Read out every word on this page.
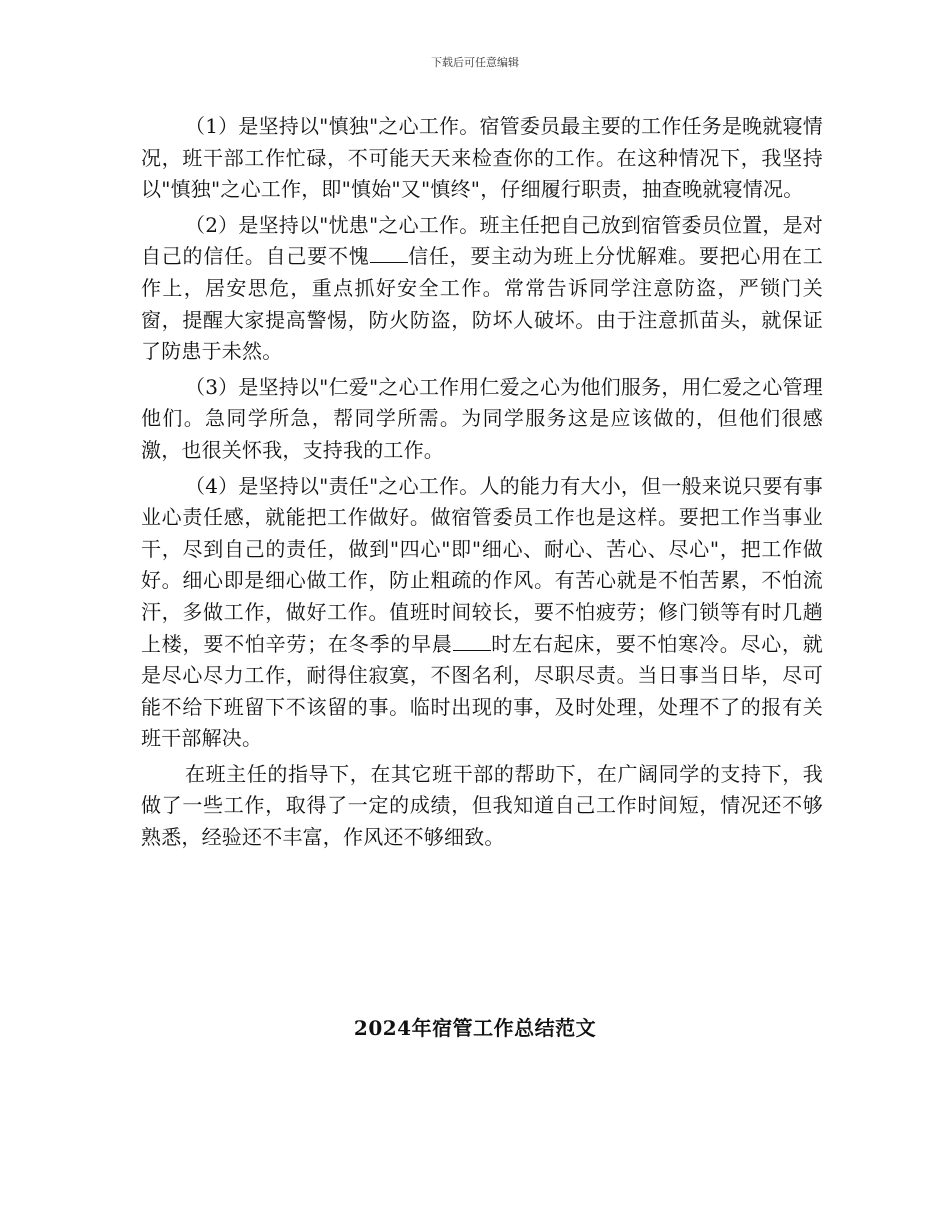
下载后可任意编辑

（1）是坚持以"慎独"之心工作。宿管委员最主要的工作任务是晚就寝情况，班干部工作忙碌，不可能天天来检查你的工作。在这种情况下，我坚持以"慎独"之心工作，即"慎始"又"慎终"，仔细履行职责，抽查晚就寝情况。

（2）是坚持以"忧患"之心工作。班主任把自己放到宿管委员位置，是对自己的信任。自己要不愧 信任，要主动为班上分忧解难。要把心用在工作上，居安思危，重点抓好安全工作。常常告诉同学注意防盗，严锁门关窗，提醒大家提高警惕，防火防盗，防坏人破坏。由于注意抓苗头，就保证了防患于未然。

（3）是坚持以"仁爱"之心工作用仁爱之心为他们服务，用仁爱之心管理他们。急同学所急，帮同学所需。为同学服务这是应该做的，但他们很感激，也很关怀我，支持我的工作。

（4）是坚持以"责任"之心工作。人的能力有大小，但一般来说只要有事业心责任感，就能把工作做好。做宿管委员工作也是这样。要把工作当事业干，尽到自己的责任，做到"四心"即"细心、耐心、苦心、尽心"，把工作做好。细心即是细心做工作，防止粗疏的作风。有苦心就是不怕苦累，不怕流汗，多做工作，做好工作。值班时间较长，要不怕疲劳；修门锁等有时几趟上楼，要不怕辛劳；在冬季的早晨 时左右起床，要不怕寒冷。尽心，就是尽心尽力工作，耐得住寂寞，不图名利，尽职尽责。当日事当日毕，尽可能不给下班留下不该留的事。临时出现的事，及时处理，处理不了的报有关班干部解决。

在班主任的指导下，在其它班干部的帮助下，在广阔同学的支持下，我做了一些工作，取得了一定的成绩，但我知道自己工作时间短，情况还不够熟悉，经验还不丰富，作风还不够细致。

2024年宿管工作总结范文
